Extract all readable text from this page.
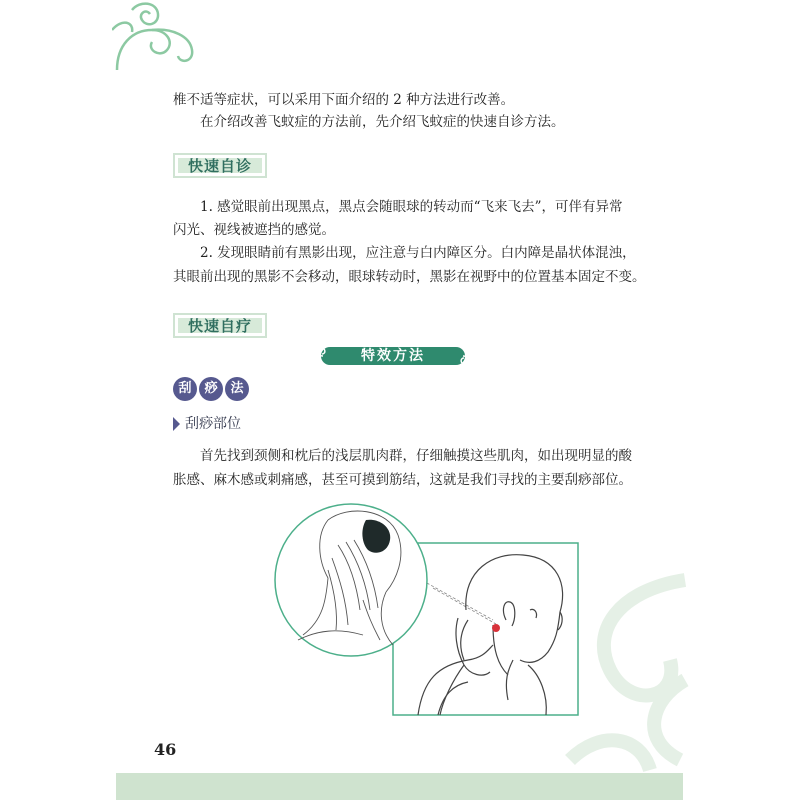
椎不适等症状，可以采用下面介绍的 2 种方法进行改善。

在介绍改善飞蚊症的方法前，先介绍飞蚊症的快速自诊方法。

快速自诊

1. 感觉眼前出现黑点，黑点会随眼球的转动而“飞来飞去”，可伴有异常

闪光、视线被遮挡的感觉。

2. 发现眼睛前有黑影出现，应注意与白内障区分。白内障是晶状体混浊，

其眼前出现的黑影不会移动，眼球转动时，黑影在视野中的位置基本固定不变。

快速自疗
特效方法
刮 痧 法
刮痧部位

首先找到颈侧和枕后的浅层肌肉群，仔细触摸这些肌肉，如出现明显的酸

胀感、麻木感或刺痛感，甚至可摸到筋结，这就是我们寻找的主要刮痧部位。

46
